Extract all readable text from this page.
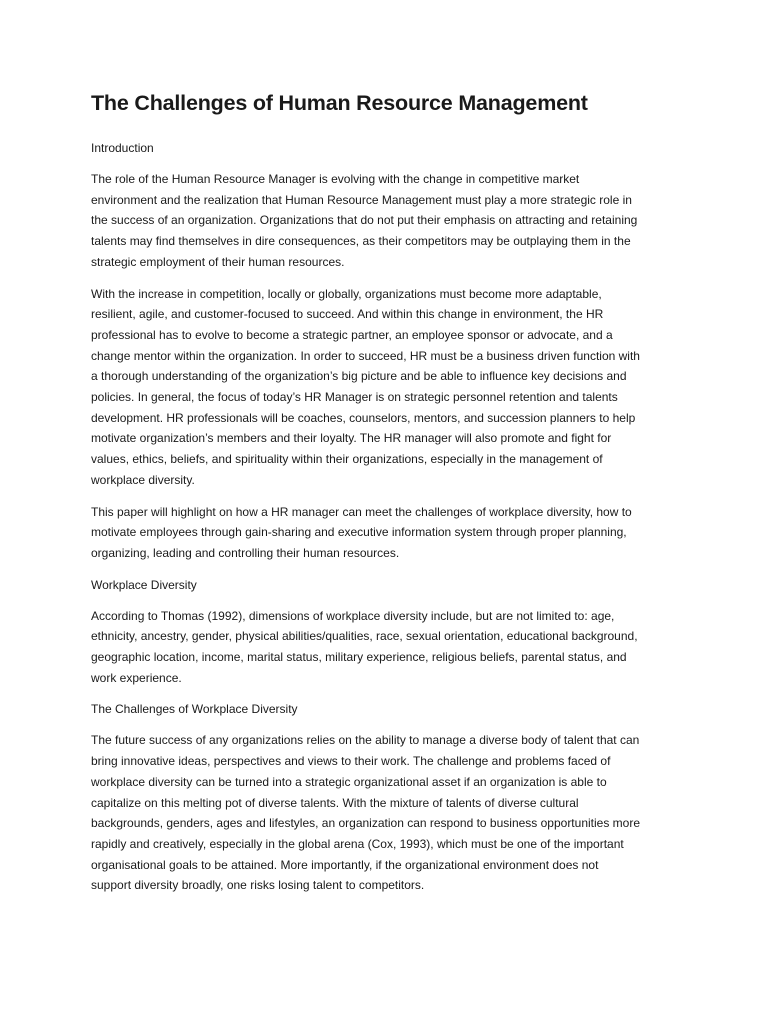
The Challenges of Human Resource Management

Introduction

The role of the Human Resource Manager is evolving with the change in competitive market
environment and the realization that Human Resource Management must play a more strategic role in
the success of an organization. Organizations that do not put their emphasis on attracting and retaining
talents may find themselves in dire consequences, as their competitors may be outplaying them in the
strategic employment of their human resources.

With the increase in competition, locally or globally, organizations must become more adaptable,
resilient, agile, and customer-focused to succeed. And within this change in environment, the HR
professional has to evolve to become a strategic partner, an employee sponsor or advocate, and a
change mentor within the organization. In order to succeed, HR must be a business driven function with
a thorough understanding of the organization’s big picture and be able to influence key decisions and
policies. In general, the focus of today’s HR Manager is on strategic personnel retention and talents
development. HR professionals will be coaches, counselors, mentors, and succession planners to help
motivate organization’s members and their loyalty. The HR manager will also promote and fight for
values, ethics, beliefs, and spirituality within their organizations, especially in the management of
workplace diversity.

This paper will highlight on how a HR manager can meet the challenges of workplace diversity, how to
motivate employees through gain-sharing and executive information system through proper planning,
organizing, leading and controlling their human resources.

Workplace Diversity

According to Thomas (1992), dimensions of workplace diversity include, but are not limited to: age,
ethnicity, ancestry, gender, physical abilities/qualities, race, sexual orientation, educational background,
geographic location, income, marital status, military experience, religious beliefs, parental status, and
work experience.

The Challenges of Workplace Diversity

The future success of any organizations relies on the ability to manage a diverse body of talent that can
bring innovative ideas, perspectives and views to their work. The challenge and problems faced of
workplace diversity can be turned into a strategic organizational asset if an organization is able to
capitalize on this melting pot of diverse talents. With the mixture of talents of diverse cultural
backgrounds, genders, ages and lifestyles, an organization can respond to business opportunities more
rapidly and creatively, especially in the global arena (Cox, 1993), which must be one of the important
organisational goals to be attained. More importantly, if the organizational environment does not
support diversity broadly, one risks losing talent to competitors.
